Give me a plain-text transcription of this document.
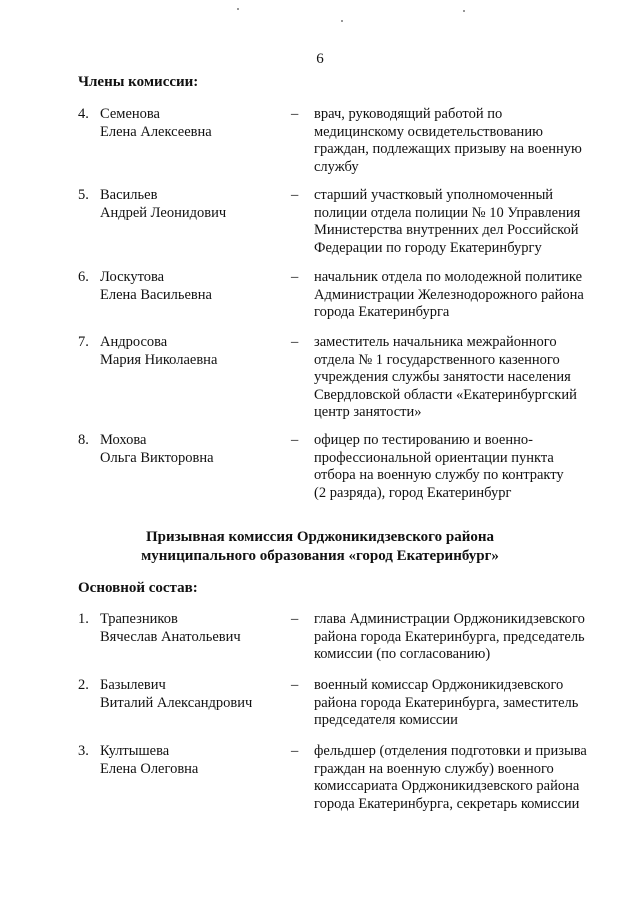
6
Члены комиссии:
4. Семенова
Елена Алексеевна
– врач, руководящий работой по
медицинскому освидетельствованию
граждан, подлежащих призыву на военную
службу
5. Васильев
Андрей Леонидович
– старший участковый уполномоченный
полиции отдела полиции № 10 Управления
Министерства внутренних дел Российской
Федерации по городу Екатеринбургу
6. Лоскутова
Елена Васильевна
– начальник отдела по молодежной политике
Администрации Железнодорожного района
города Екатеринбурга
7. Андросова
Мария Николаевна
– заместитель начальника межрайонного
отдела № 1 государственного казенного
учреждения службы занятости населения
Свердловской области «Екатеринбургский
центр занятости»
8. Мохова
Ольга Викторовна
– офицер по тестированию и военно-
профессиональной ориентации пункта
отбора на военную службу по контракту
(2 разряда), город Екатеринбург
Призывная комиссия Орджоникидзевского района
муниципального образования «город Екатеринбург»
Основной состав:
1. Трапезников
Вячеслав Анатольевич
– глава Администрации Орджоникидзевского
района города Екатеринбурга, председатель
комиссии (по согласованию)
2. Базылевич
Виталий Александрович
– военный комиссар Орджоникидзевского
района города Екатеринбурга, заместитель
председателя комиссии
3. Култышева
Елена Олеговна
– фельдшер (отделения подготовки и призыва
граждан на военную службу) военного
комиссариата Орджоникидзевского района
города Екатеринбурга, секретарь комиссии
